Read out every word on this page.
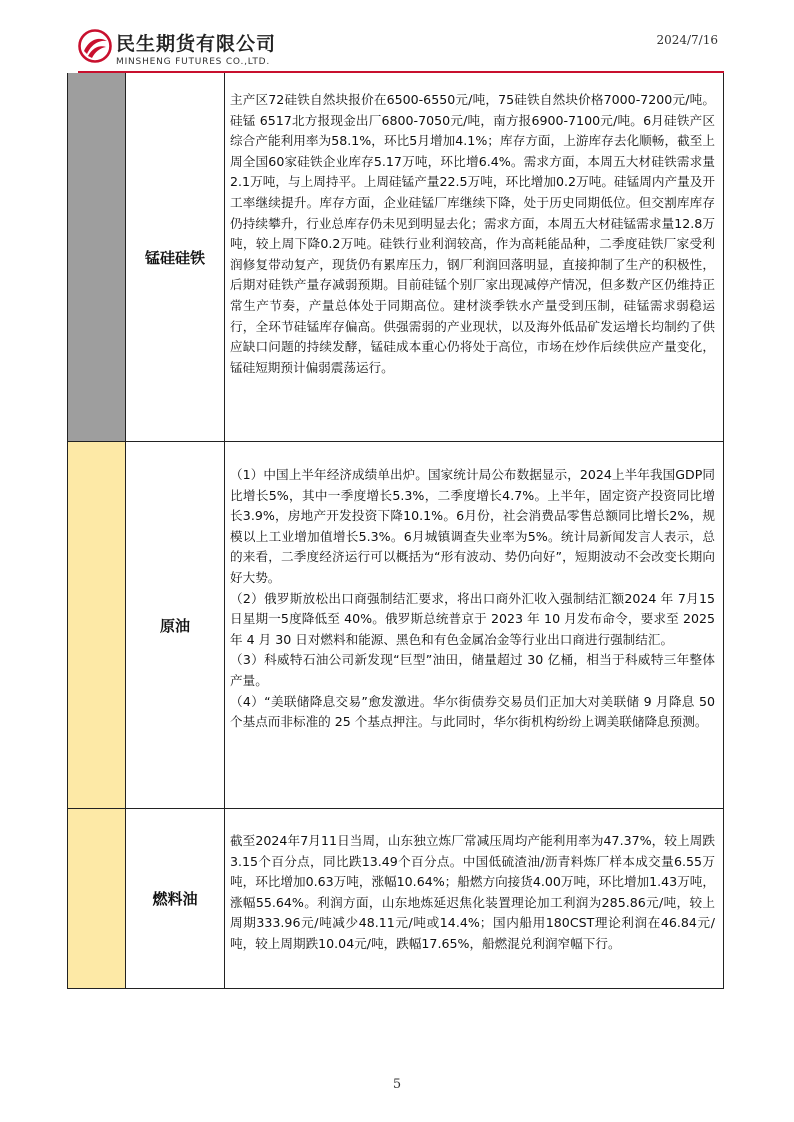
民生期货有限公司
MINSHENG FUTURES CO.,LTD.
2024/7/16
锰硅硅铁
主产区72硅铁自然块报价在6500-6550元/吨，75硅铁自然块价格7000-7200元/吨。硅锰 6517北方报现金出厂6800-7050元/吨，南方报6900-7100元/吨。6月硅铁产区综合产能利用率为58.1%，环比5月增加4.1%；库存方面，上游库存去化顺畅，截至上周全国60家硅铁企业库存5.17万吨，环比增6.4%。需求方面，本周五大材硅铁需求量2.1万吨，与上周持平。上周硅锰产量22.5万吨，环比增加0.2万吨。硅锰周内产量及开工率继续提升。库存方面，企业硅锰厂库继续下降，处于历史同期低位。但交割库库存仍持续攀升，行业总库存仍未见到明显去化；需求方面，本周五大材硅锰需求量12.8万吨，较上周下降0.2万吨。硅铁行业利润较高，作为高耗能品种，二季度硅铁厂家受利润修复带动复产，现货仍有累库压力，钢厂利润回落明显，直接抑制了生产的积极性，后期对硅铁产量存减弱预期。目前硅锰个别厂家出现减停产情况，但多数产区仍维持正常生产节奏，产量总体处于同期高位。建材淡季铁水产量受到压制，硅锰需求弱稳运行，全环节硅锰库存偏高。供强需弱的产业现状，以及海外低品矿发运增长均制约了供应缺口问题的持续发酵，锰硅成本重心仍将处于高位，市场在炒作后续供应产量变化，锰硅短期预计偏弱震荡运行。
原油
（1）中国上半年经济成绩单出炉。国家统计局公布数据显示，2024上半年我国GDP同比增长5%，其中一季度增长5.3%，二季度增长4.7%。上半年，固定资产投资同比增长3.9%，房地产开发投资下降10.1%。6月份，社会消费品零售总额同比增长2%，规模以上工业增加值增长5.3%。6月城镇调查失业率为5%。统计局新闻发言人表示，总的来看，二季度经济运行可以概括为“形有波动、势仍向好”，短期波动不会改变长期向好大势。
（2）俄罗斯放松出口商强制结汇要求，将出口商外汇收入强制结汇额2024 年 7月15 日星期一5度降低至 40%。俄罗斯总统普京于 2023 年 10 月发布命令，要求至 2025 年 4 月 30 日对燃料和能源、黑色和有色金属冶金等行业出口商进行强制结汇。
（3）科威特石油公司新发现“巨型”油田，储量超过 30 亿桶，相当于科威特三年整体产量。
（4）“美联储降息交易”愈发激进。华尔街债券交易员们正加大对美联储 9 月降息 50 个基点而非标准的 25 个基点押注。与此同时，华尔街机构纷纷上调美联储降息预测。
燃料油
截至2024年7月11日当周，山东独立炼厂常减压周均产能利用率为47.37%，较上周跌3.15个百分点，同比跌13.49个百分点。中国低硫渣油/沥青料炼厂样本成交量6.55万吨，环比增加0.63万吨，涨幅10.64%；船燃方向接货4.00万吨，环比增加1.43万吨，涨幅55.64%。利润方面，山东地炼延迟焦化装置理论加工利润为285.86元/吨，较上周期333.96元/吨减少48.11元/吨或14.4%；国内船用180CST理论利润在46.84元/吨，较上周期跌10.04元/吨，跌幅17.65%，船燃混兑利润窄幅下行。
5
